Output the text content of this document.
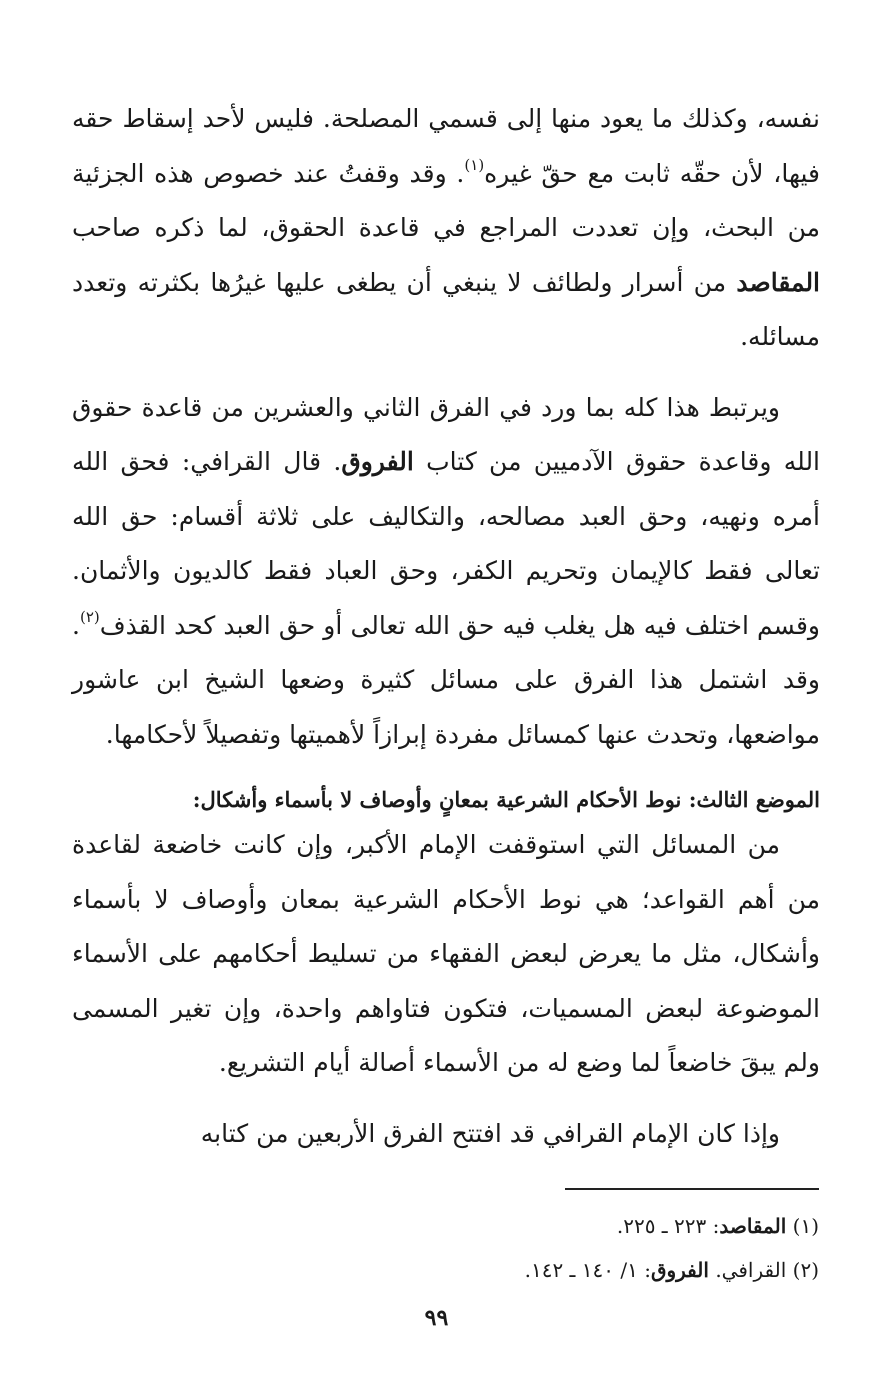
نفسه، وكذلك ما يعود منها إلى قسمي المصلحة. فليس لأحد إسقاط حقه فيها، لأن حقّه ثابت مع حقّ غيره$^{(١)}$. وقد وقفتُ عند خصوص هذه الجزئية من البحث، وإن تعددت المراجع في قاعدة الحقوق، لما ذكره صاحب المقاصد من أسرار ولطائف لا ينبغي أن يطغى عليها غيرُها بكثرته وتعدد مسائله.

ويرتبط هذا كله بما ورد في الفرق الثاني والعشرين من قاعدة حقوق الله وقاعدة حقوق الآدميين من كتاب الفروق. قال القرافي: فحق الله أمره ونهيه، وحق العبد مصالحه، والتكاليف على ثلاثة أقسام: حق الله تعالى فقط كالإيمان وتحريم الكفر، وحق العباد فقط كالديون والأثمان. وقسم اختلف فيه هل يغلب فيه حق الله تعالى أو حق العبد كحد القذف$^{(٢)}$. وقد اشتمل هذا الفرق على مسائل كثيرة وضعها الشيخ ابن عاشور مواضعها، وتحدث عنها كمسائل مفردة إبرازاً لأهميتها وتفصيلاً لأحكامها.

الموضع الثالث: نوط الأحكام الشرعية بمعانٍ وأوصاف لا بأسماء وأشكال:

من المسائل التي استوقفت الإمام الأكبر، وإن كانت خاضعة لقاعدة من أهم القواعد؛ هي نوط الأحكام الشرعية بمعان وأوصاف لا بأسماء وأشكال، مثل ما يعرض لبعض الفقهاء من تسليط أحكامهم على الأسماء الموضوعة لبعض المسميات، فتكون فتاواهم واحدة، وإن تغير المسمى ولم يبقَ خاضعاً لما وضع له من الأسماء أصالة أيام التشريع.

وإذا كان الإمام القرافي قد افتتح الفرق الأربعين من كتابه

(١) المقاصد: ٢٢٣ ـ ٢٢٥.

(٢) القرافي. الفروق: ١/ ١٤٠ ـ ١٤٢.

٩٩
